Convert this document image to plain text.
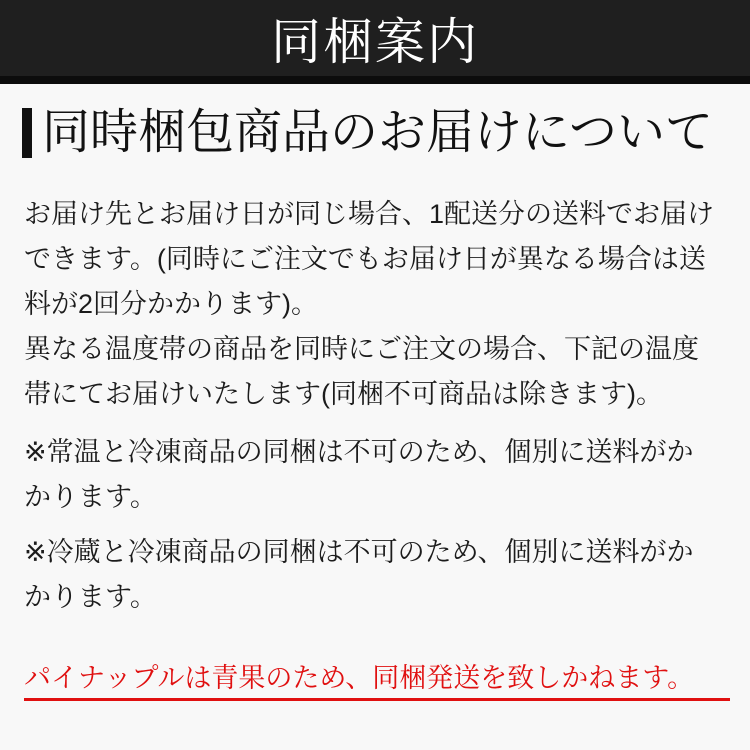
同梱案内
同時梱包商品のお届けについて
お届け先とお届け日が同じ場合、1配送分の送料でお届け
できます。(同時にご注文でもお届け日が異なる場合は送
料が2回分かかります)。
異なる温度帯の商品を同時にご注文の場合、下記の温度
帯にてお届けいたします(同梱不可商品は除きます)。
※常温と冷凍商品の同梱は不可のため、個別に送料がか
かります。
※冷蔵と冷凍商品の同梱は不可のため、個別に送料がか
かります。
パイナップルは青果のため、同梱発送を致しかねます。
